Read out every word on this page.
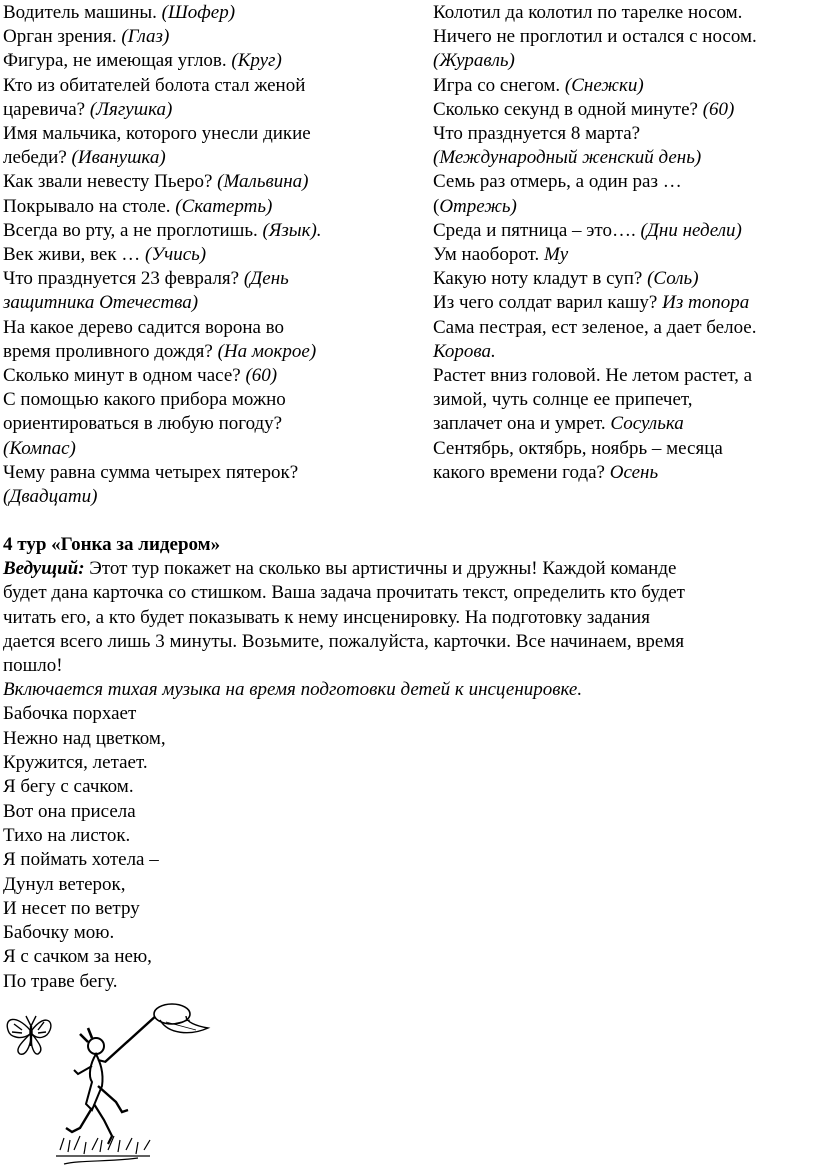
Водитель машины. (Шофер)
Орган зрения. (Глаз)
Фигура, не имеющая углов. (Круг)
Кто из обитателей болота стал женой
царевича? (Лягушка)
Имя мальчика, которого унесли дикие
лебеди? (Иванушка)
Как звали невесту Пьеро? (Мальвина)
Покрывало на столе. (Скатерть)
Всегда во рту, а не проглотишь. (Язык).
Век живи, век … (Учись)
Что празднуется 23 февраля? (День
защитника Отечества)
На какое дерево садится ворона во
время проливного дождя? (На мокрое)
Сколько минут в одном часе? (60)
С помощью какого прибора можно
ориентироваться в любую погоду?
(Компас)
Чему равна сумма четырех пятерок?
(Двадцати)
Колотил да колотил по тарелке носом.
Ничего не проглотил и остался с носом.
(Журавль)
Игра со снегом. (Снежки)
Сколько секунд в одной минуте? (60)
Что празднуется 8 марта?
(Международный женский день)
Семь раз отмерь, а один раз …
(Отрежь)
Среда и пятница – это…. (Дни недели)
Ум наоборот. Му
Какую ноту кладут в суп? (Соль)
Из чего солдат варил кашу? Из топора
Сама пестрая, ест зеленое, а дает белое.
Корова.
Растет вниз головой. Не летом растет, а
зимой, чуть солнце ее припечет,
заплачет она и умрет. Сосулька
Сентябрь, октябрь, ноябрь – месяца
какого времени года? Осень
4 тур «Гонка за лидером»
Ведущий: Этот тур покажет на сколько вы артистичны и дружны! Каждой команде
будет дана карточка со стишком. Ваша задача прочитать текст, определить кто будет
читать его, а кто будет показывать к нему инсценировку. На подготовку задания
дается всего лишь 3 минуты. Возьмите, пожалуйста, карточки. Все начинаем, время
пошло!
Включается тихая музыка на время подготовки детей к инсценировке.
Бабочка порхает
Нежно над цветком,
Кружится, летает.
Я бегу с сачком.
Вот она присела
Тихо на листок.
Я поймать хотела –
Дунул ветерок,
И несет по ветру
Бабочку мою.
Я с сачком за нею,
По траве бегу.
